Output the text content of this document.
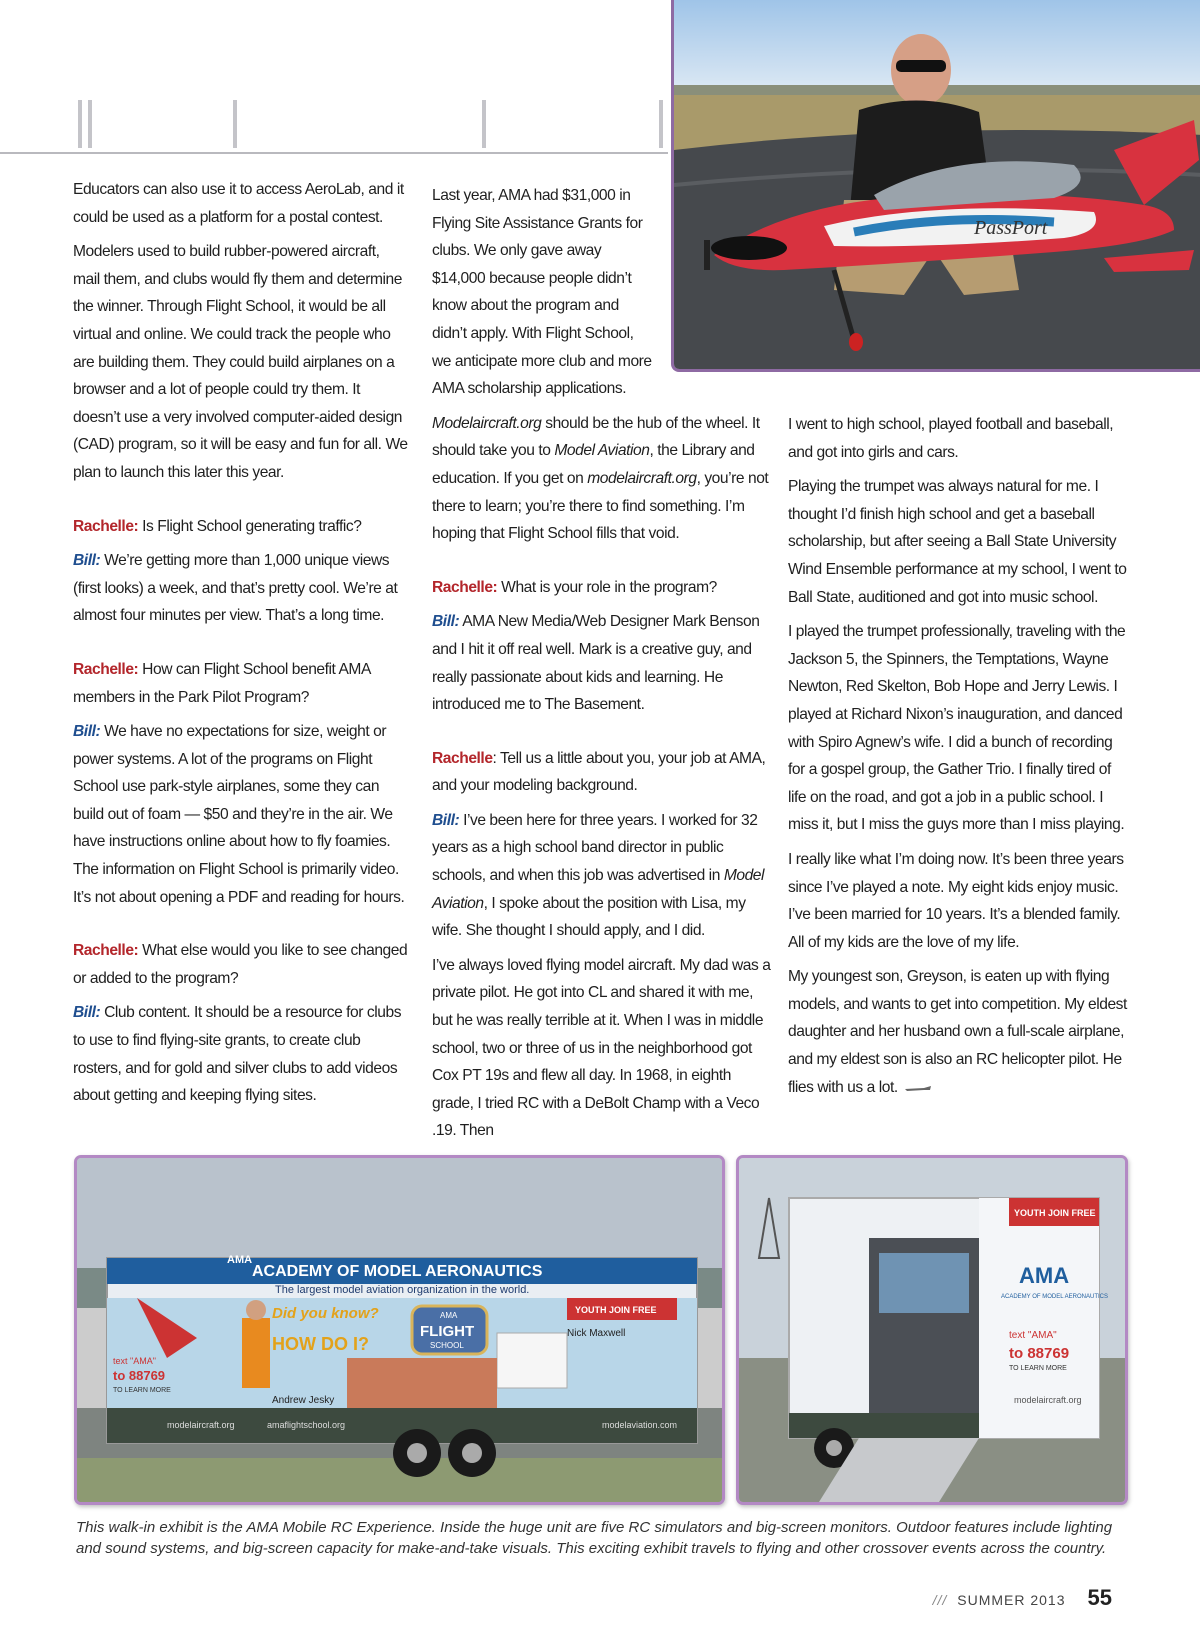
PassPort

Educators can also use it to access AeroLab, and it could be used as a platform for a postal contest.

Modelers used to build rubber-powered aircraft, mail them, and clubs would fly them and determine the winner. Through Flight School, it would be all virtual and online. We could track the people who are building them. They could build airplanes on a browser and a lot of people could try them. It doesn’t use a very involved computer-aided design (CAD) program, so it will be easy and fun for all. We plan to launch this later this year.

Rachelle: Is Flight School generating traffic?

Bill: We’re getting more than 1,000 unique views (first looks) a week, and that’s pretty cool. We’re at almost four minutes per view. That’s a long time.

Rachelle: How can Flight School benefit AMA members in the Park Pilot Program?

Bill: We have no expectations for size, weight or power systems. A lot of the programs on Flight School use park-style airplanes, some they can build out of foam — $50 and they’re in the air. We have instructions online about how to fly foamies. The information on Flight School is primarily video. It’s not about opening a PDF and reading for hours.

Rachelle: What else would you like to see changed or added to the program?

Bill: Club content. It should be a resource for clubs to use to find flying-site grants, to create club rosters, and for gold and silver clubs to add videos about getting and keeping flying sites.

Last year, AMA had $31,000 in Flying Site Assistance Grants for clubs. We only gave away $14,000 because people didn’t know about the program and didn’t apply. With Flight School, we anticipate more club and more AMA scholarship applications.

Modelaircraft.org should be the hub of the wheel. It should take you to Model Aviation, the Library and education. If you get on modelaircraft.org, you’re not there to learn; you’re there to find something. I’m hoping that Flight School fills that void.

Rachelle: What is your role in the program?

Bill: AMA New Media/Web Designer Mark Benson and I hit it off real well. Mark is a creative guy, and really passionate about kids and learning. He introduced me to The Basement.

Rachelle: Tell us a little about you, your job at AMA, and your modeling background.

Bill: I’ve been here for three years. I worked for 32 years as a high school band director in public schools, and when this job was advertised in Model Aviation, I spoke about the position with Lisa, my wife. She thought I should apply, and I did.

I’ve always loved flying model aircraft. My dad was a private pilot. He got into CL and shared it with me, but he was really terrible at it. When I was in middle school, two or three of us in the neighborhood got Cox PT 19s and flew all day. In 1968, in eighth grade, I tried RC with a DeBolt Champ with a Veco .19. Then

I went to high school, played football and baseball, and got into girls and cars.

Playing the trumpet was always natural for me. I thought I’d finish high school and get a baseball scholarship, but after seeing a Ball State University Wind Ensemble performance at my school, I went to Ball State, auditioned and got into music school.

I played the trumpet professionally, traveling with the Jackson 5, the Spinners, the Temptations, Wayne Newton, Red Skelton, Bob Hope and Jerry Lewis. I played at Richard Nixon’s inauguration, and danced with Spiro Agnew’s wife. I did a bunch of recording for a gospel group, the Gather Trio. I finally tired of life on the road, and got a job in a public school. I miss it, but I miss the guys more than I miss playing.

I really like what I’m doing now. It’s been three years since I’ve played a note. My eight kids enjoy music. I’ve been married for 10 years. It’s a blended family. All of my kids are the love of my life.

My youngest son, Greyson, is eaten up with flying models, and wants to get into competition. My eldest daughter and her husband own a full-scale airplane, and my eldest son is also an RC helicopter pilot. He flies with us a lot.

ACADEMY OF MODEL AERONAUTICS
The largest model aviation organization in the world.
AMA
Did you know?
HOW DO I?
AMA
FLIGHT
SCHOOL
YOUTH JOIN FREE
Andrew Jesky
Nick Maxwell
text "AMA"
to 88769
TO LEARN MORE
modelaircraft.org	amaflightschool.org	modelaviation.com
YOUTH JOIN FREE
AMA
ACADEMY OF MODEL AERONAUTICS
text "AMA"
to 88769
TO LEARN MORE
modelaircraft.org
This walk-in exhibit is the AMA Mobile RC Experience. Inside the huge unit are five RC simulators and big-screen monitors. Outdoor features include lighting and sound systems, and big-screen capacity for make-and-take visuals. This exciting exhibit travels to flying and other crossover events across the country.
/// SUMMER 2013 55
